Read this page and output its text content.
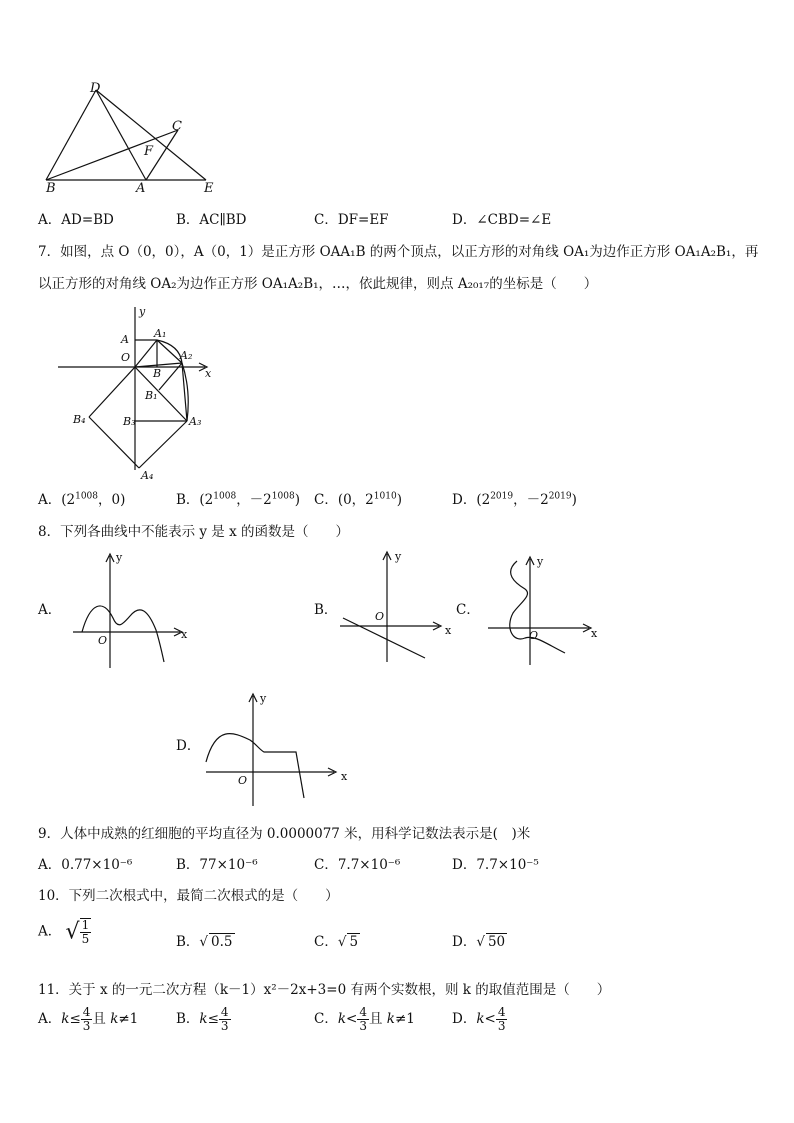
D
C
F
B	A	E
A．AD=BD	B．AC∥BD	C．DF=EF	D．∠CBD=∠E
7．如图，点 O（0，0），A（0，1）是正方形 OAA₁B 的两个顶点，以正方形的对角线 OA₁为边作正方形 OA₁A₂B₁，再
以正方形的对角线 OA₂为边作正方形 OA₁A₂B₁，…，依此规律，则点 A₂₀₁₇的坐标是（　　）
y
x
O
A A₁
A₂
B
B₁
B₃
B₄	A₃
A₄
A．($2^{1008}$，0)	B．($2^{1008}$，$-2^{1008}$) C．(0，$2^{1010}$)	D．($2^{2019}$，$-2^{2019}$)
8．下列各曲线中不能表示 y 是 x 的函数是（　　）
A．
y
x
O
B．
y
x
O	C．
y
x
O
D．
y
x
O
9．人体中成熟的红细胞的平均直径为 0.0000077 米，用科学记数法表示是(　)米
A．0.77×10⁻⁶	B．77×10⁻⁶	C．7.7×10⁻⁶	D．7.7×10⁻⁵
10．下列二次根式中，最简二次根式的是（　　）
A． √ $\frac{1}{5}$	B．√ 0.5	C．√ 5	D．√ 50
11．关于 x 的一元二次方程（k－1）x²－2x+3=0 有两个实数根，则 k 的取值范围是（　　）
A．$k\le \frac{4}{3}$ 且 k≠1	B．$k\le \frac{4}{3}$	C．$k< \frac{4}{3}$ 且 k≠1	D．$k< \frac{4}{3}$
